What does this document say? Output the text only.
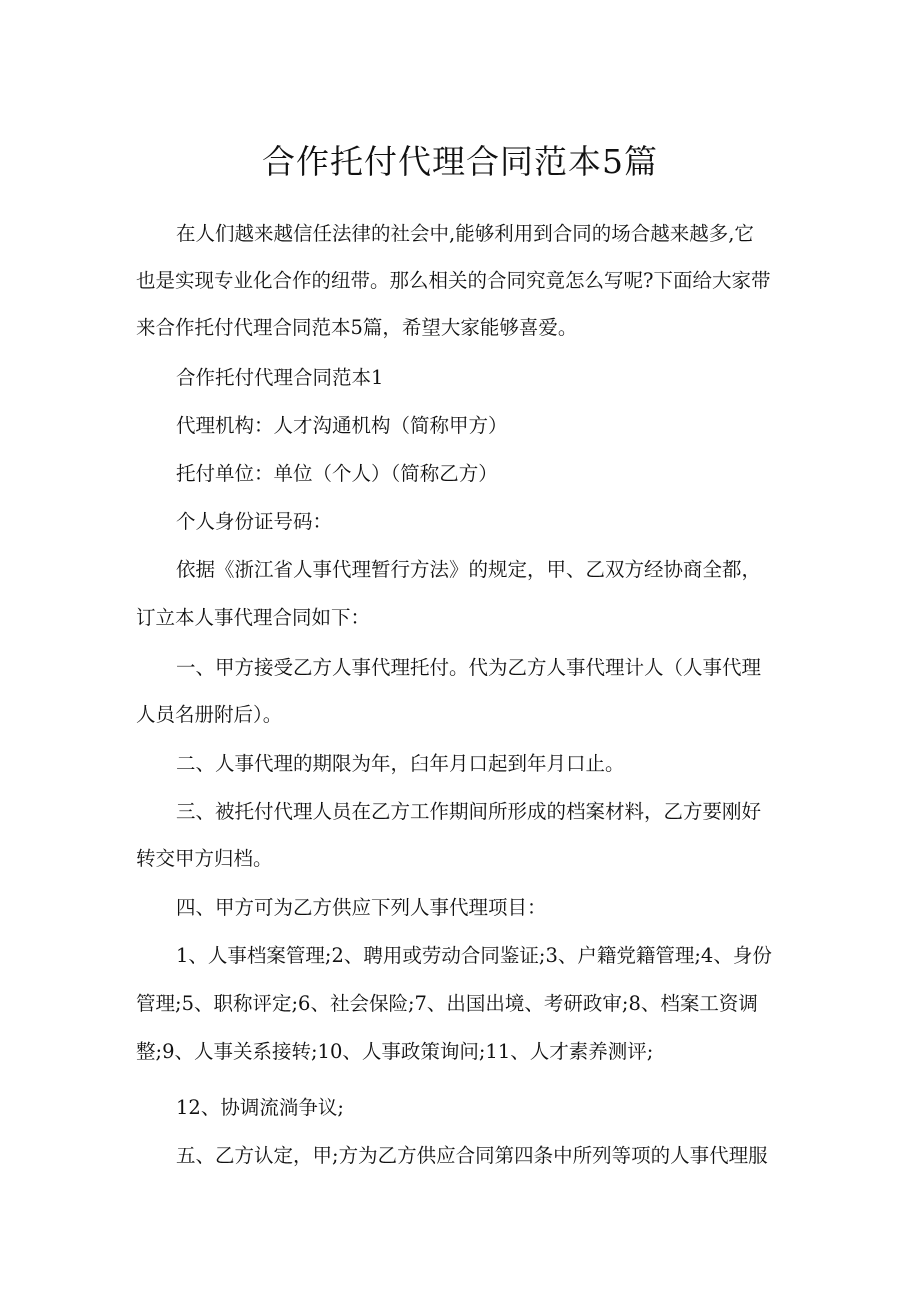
合作托付代理合同范本5篇
在人们越来越信任法律的社会中,能够利用到合同的场合越来越多,它
也是实现专业化合作的纽带。那么相关的合同究竟怎么写呢?下面给大家带
来合作托付代理合同范本5篇，希望大家能够喜爱。
合作托付代理合同范本1
代理机构：人才沟通机构（简称甲方）
托付单位：单位（个人）（简称乙方）
个人身份证号码：
依据《浙江省人事代理暂行方法》的规定，甲、乙双方经协商全都，
订立本人事代理合同如下：
一、甲方接受乙方人事代理托付。代为乙方人事代理计人（人事代理
人员名册附后）。
二、人事代理的期限为年，臼年月口起到年月口止。
三、被托付代理人员在乙方工作期间所形成的档案材料，乙方要刚好
转交甲方归档。
四、甲方可为乙方供应下列人事代理项目：
1、人事档案管理;2、聘用或劳动合同鉴证;3、户籍党籍管理;4、身份
管理;5、职称评定;6、社会保险;7、出国出境、考研政审;8、档案工资调
整;9、人事关系接转;10、人事政策询问;11、人才素养测评;
12、协调流淌争议;
五、乙方认定，甲;方为乙方供应合同第四条中所列等项的人事代理服
